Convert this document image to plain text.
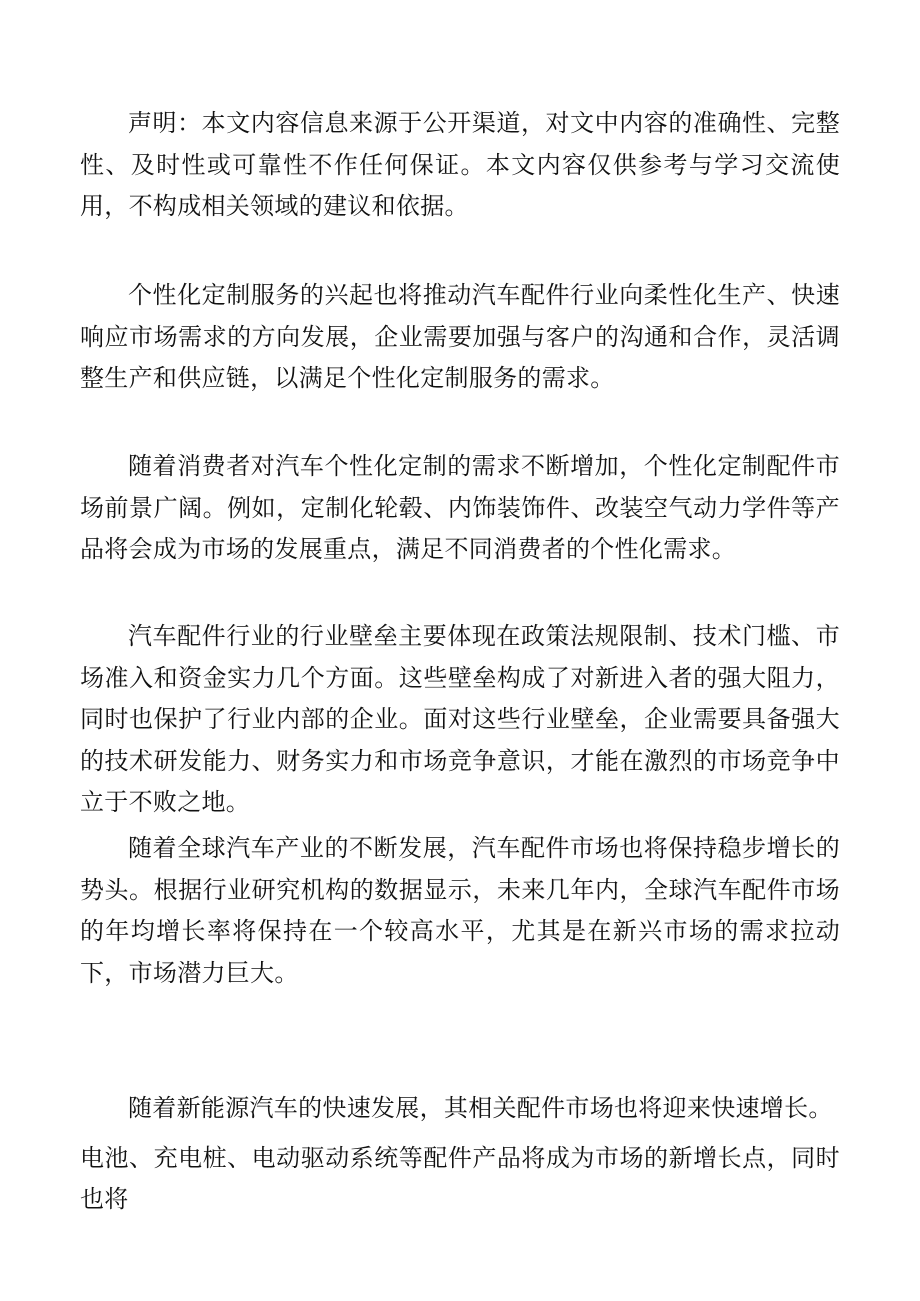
声明：本文内容信息来源于公开渠道，对文中内容的准确性、完整性、及时性或可靠性不作任何保证。本文内容仅供参考与学习交流使用，不构成相关领域的建议和依据。

个性化定制服务的兴起也将推动汽车配件行业向柔性化生产、快速响应市场需求的方向发展，企业需要加强与客户的沟通和合作，灵活调整生产和供应链，以满足个性化定制服务的需求。

随着消费者对汽车个性化定制的需求不断增加，个性化定制配件市场前景广阔。例如，定制化轮毂、内饰装饰件、改装空气动力学件等产品将会成为市场的发展重点，满足不同消费者的个性化需求。

汽车配件行业的行业壁垒主要体现在政策法规限制、技术门槛、市场准入和资金实力几个方面。这些壁垒构成了对新进入者的强大阻力，同时也保护了行业内部的企业。面对这些行业壁垒，企业需要具备强大的技术研发能力、财务实力和市场竞争意识，才能在激烈的市场竞争中立于不败之地。

随着全球汽车产业的不断发展，汽车配件市场也将保持稳步增长的势头。根据行业研究机构的数据显示，未来几年内，全球汽车配件市场的年均增长率将保持在一个较高水平，尤其是在新兴市场的需求拉动下，市场潜力巨大。

随着新能源汽车的快速发展，其相关配件市场也将迎来快速增长。
电池、充电桩、电动驱动系统等配件产品将成为市场的新增长点，同时也将
